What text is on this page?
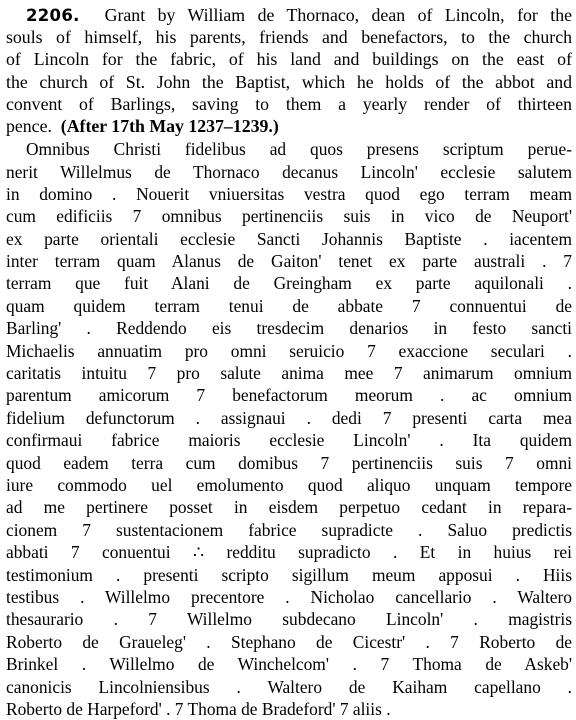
2206. Grant by William de Thornaco, dean of Lincoln, for the
souls of himself, his parents, friends and benefactors, to the church
of Lincoln for the fabric, of his land and buildings on the east of
the church of St. John the Baptist, which he holds of the abbot and
convent of Barlings, saving to them a yearly render of thirteen
pence. (After 17th May 1237–1239.)
Omnibus Christi fidelibus ad quos presens scriptum perue-
nerit Willelmus de Thornaco decanus Lincoln' ecclesie salutem
in domino . Nouerit vniuersitas vestra quod ego terram meam
cum edificiis 7 omnibus pertinenciis suis in vico de Neuport'
ex parte orientali ecclesie Sancti Johannis Baptiste . iacentem
inter terram quam Alanus de Gaiton' tenet ex parte australi . 7
terram que fuit Alani de Greingham ex parte aquilonali .
quam quidem terram tenui de abbate 7 connuentui de
Barling' . Reddendo eis tresdecim denarios in festo sancti
Michaelis annuatim pro omni seruicio 7 exaccione seculari .
caritatis intuitu 7 pro salute anima mee 7 animarum omnium
parentum amicorum 7 benefactorum meorum . ac omnium
fidelium defunctorum . assignaui . dedi 7 presenti carta mea
confirmaui fabrice maioris ecclesie Lincoln' . Ita quidem
quod eadem terra cum domibus 7 pertinenciis suis 7 omni
iure commodo uel emolumento quod aliquo unquam tempore
ad me pertinere posset in eisdem perpetuo cedant in repara-
cionem 7 sustentacionem fabrice supradicte . Saluo predictis
abbati 7 conuentui ∴ redditu supradicto . Et in huius rei
testimonium . presenti scripto sigillum meum apposui . Hiis
testibus . Willelmo precentore . Nicholao cancellario . Waltero
thesaurario . 7 Willelmo subdecano Lincoln' . magistris
Roberto de Graueleg' . Stephano de Cicestr' . 7 Roberto de
Brinkel . Willelmo de Winchelcom' . 7 Thoma de Askeb'
canonicis Lincolniensibus . Waltero de Kaiham capellano .
Roberto de Harpeford' . 7 Thoma de Bradeford' 7 aliis .
